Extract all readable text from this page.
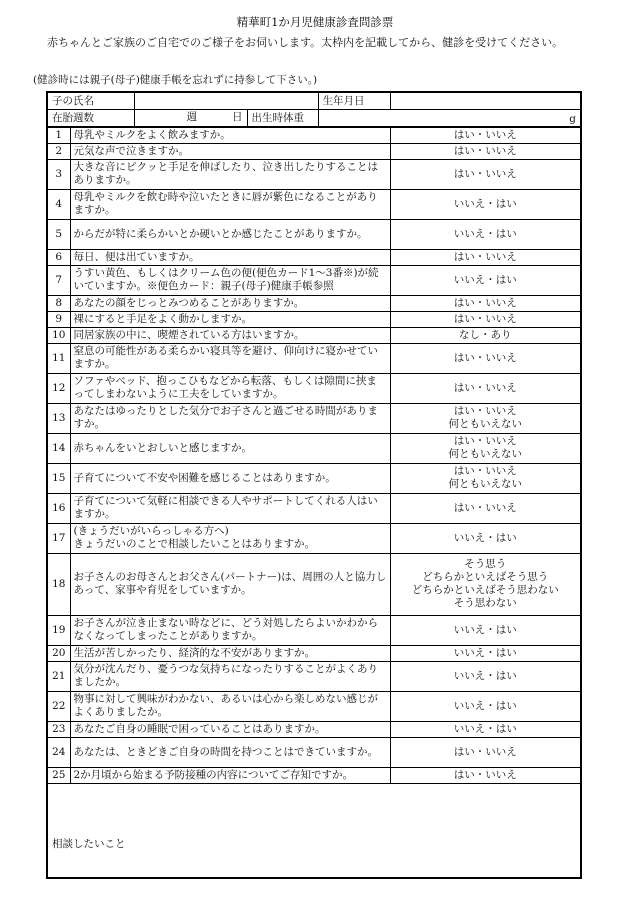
精華町1か月児健康診査問診票
赤ちゃんとご家族のご自宅でのご様子をお伺いします。太枠内を記載してから、健診を受けてください。
(健診時には親子(母子)健康手帳を忘れずに持参して下さい。)
子の氏名				生年月日	
在胎週数		週 日	出生時体重	g	
1	母乳やミルクをよく飲みますか。				はい・いいえ
2	元気な声で泣きますか。				はい・いいえ
3	大きな音にピクッと手足を伸ばしたり、泣き出したりすることはありますか。				はい・いいえ
4	母乳やミルクを飲む時や泣いたときに唇が紫色になることがありますか。				いいえ・はい
5	からだが特に柔らかいとか硬いとか感じたことがありますか。				いいえ・はい
6	毎日、便は出ていますか。				はい・いいえ
7	うすい黄色、もしくはクリーム色の便(便色カード1〜3番※)が続いていますか。※便色カード：親子(母子)健康手帳参照				いいえ・はい
8	あなたの顔をじっとみつめることがありますか。				はい・いいえ
9	裸にすると手足をよく動かしますか。				はい・いいえ
10	同居家族の中に、喫煙されている方はいますか。				なし・あり
11	窒息の可能性がある柔らかい寝具等を避け、仰向けに寝かせていますか。				はい・いいえ
12	ソファやベッド、抱っこひもなどから転落、もしくは隙間に挟まってしまわないように工夫をしていますか。				はい・いいえ
13	あなたはゆったりとした気分でお子さんと過ごせる時間がありますか。				はい・いいえ
何ともいえない
14	赤ちゃんをいとおしいと感じますか。				はい・いいえ
何ともいえない
15	子育てについて不安や困難を感じることはありますか。				はい・いいえ
何ともいえない
16	子育てについて気軽に相談できる人やサポートしてくれる人はいますか。				はい・いいえ
17	(きょうだいがいらっしゃる方へ)
きょうだいのことで相談したいことはありますか。				いいえ・はい
18	お子さんのお母さんとお父さん(パートナー)は、周囲の人と協力しあって、家事や育児をしていますか。				そう思う
どちらかといえばそう思う
どちらかといえばそう思わない
そう思わない
19	お子さんが泣き止まない時などに、どう対処したらよいかわからなくなってしまったことがありますか。				いいえ・はい
20	生活が苦しかったり、経済的な不安がありますか。				いいえ・はい
21	気分が沈んだり、憂うつな気持ちになったりすることがよくありましたか。				いいえ・はい
22	物事に対して興味がわかない、あるいは心から楽しめない感じがよくありましたか。				いいえ・はい
23	あなたご自身の睡眠で困っていることはありますか。				いいえ・はい
24	あなたは、ときどきご自身の時間を持つことはできていますか。				はい・いいえ
25	2か月頃から始まる予防接種の内容についてご存知ですか。				はい・いいえ

相談したいこと
